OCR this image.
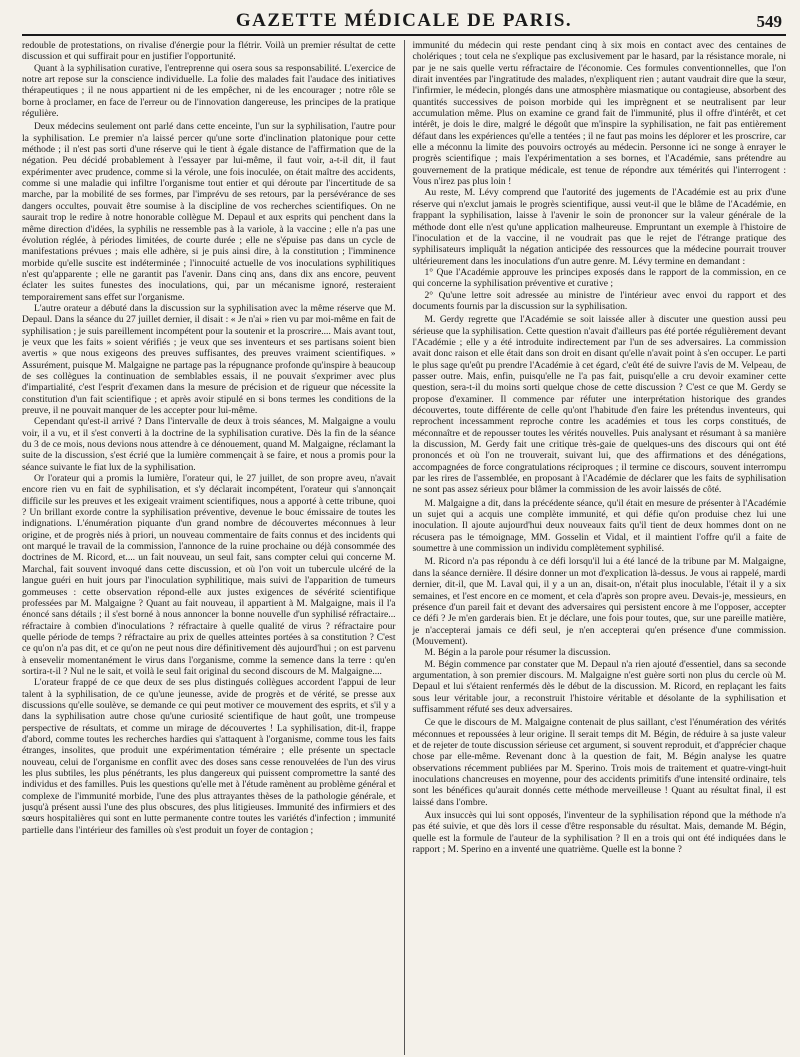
GAZETTE MÉDICALE DE PARIS.	549

redouble de protestations, on rivalise d'énergie pour la flétrir. Voilà un premier résultat de cette discussion et qui suffirait pour en justifier l'opportunité.

Quant à la syphilisation curative, l'entreprenne qui osera sous sa responsabilité. L'exercice de notre art repose sur la conscience individuelle. La folie des malades fait l'audace des initiatives thérapeutiques ; il ne nous appartient ni de les empêcher, ni de les encourager ; notre rôle se borne à proclamer, en face de l'erreur ou de l'innovation dangereuse, les principes de la pratique régulière.

Deux médecins seulement ont parlé dans cette enceinte, l'un sur la syphilisation, l'autre pour la syphilisation. Le premier n'a laissé percer qu'une sorte d'inclination platonique pour cette méthode ; il n'est pas sorti d'une réserve qui le tient à égale distance de l'affirmation que de la négation. Peu décidé probablement à l'essayer par lui-même, il faut voir, a-t-il dit, il faut expérimenter avec prudence, comme si la vérole, une fois inoculée, on était maître des accidents, comme si une maladie qui infiltre l'organisme tout entier et qui déroute par l'incertitude de sa marche, par la mobilité de ses formes, par l'imprévu de ses retours, par la persévérance de ses dangers occultes, pouvait être soumise à la discipline de vos recherches scientifiques. On ne saurait trop le redire à notre honorable collègue M. Depaul et aux esprits qui penchent dans la même direction d'idées, la syphilis ne ressemble pas à la variole, à la vaccine ; elle n'a pas une évolution réglée, à périodes limitées, de courte durée ; elle ne s'épuise pas dans un cycle de manifestations prévues ; mais elle adhère, si je puis ainsi dire, à la constitution ; l'imminence morbide qu'elle suscite est indéterminée ; l'innocuité actuelle de vos inoculations syphilitiques n'est qu'apparente ; elle ne garantit pas l'avenir. Dans cinq ans, dans dix ans encore, peuvent éclater les suites funestes des inoculations, qui, par un mécanisme ignoré, resteraient temporairement sans effet sur l'organisme.

L'autre orateur a débuté dans la discussion sur la syphilisation avec la même réserve que M. Depaul. Dans la séance du 27 juillet dernier, il disait : « Je n'ai » rien vu par moi-même en fait de syphilisation ; je suis pareillement incompétent pour la soutenir et la proscrire.... Mais avant tout, je veux que les faits » soient vérifiés ; je veux que ses inventeurs et ses partisans soient bien avertis » que nous exigeons des preuves suffisantes, des preuves vraiment scientifiques. » Assurément, puisque M. Malgaigne ne partage pas la répugnance profonde qu'inspire à beaucoup de ses collègues la continuation de semblables essais, il ne pouvait s'exprimer avec plus d'impartialité, c'est l'esprit d'examen dans la mesure de précision et de rigueur que nécessite la constitution d'un fait scientifique ; et après avoir stipulé en si bons termes les conditions de la preuve, il ne pouvait manquer de les accepter pour lui-même.

Cependant qu'est-il arrivé ? Dans l'intervalle de deux à trois séances, M. Malgaigne a voulu voir, il a vu, et il s'est converti à la doctrine de la syphilisation curative. Dès la fin de la séance du 3 de ce mois, nous devions nous attendre à ce dénouement, quand M. Malgaigne, réclamant la suite de la discussion, s'est écrié que la lumière commençait à se faire, et nous a promis pour la séance suivante le fiat lux de la syphilisation.

Or l'orateur qui a promis la lumière, l'orateur qui, le 27 juillet, de son propre aveu, n'avait encore rien vu en fait de syphilisation, et s'y déclarait incompétent, l'orateur qui s'annonçait difficile sur les preuves et les exigeait vraiment scientifiques, nous a apporté à cette tribune, quoi ? Un brillant exorde contre la syphilisation préventive, devenue le bouc émissaire de toutes les indignations. L'énumération piquante d'un grand nombre de découvertes méconnues à leur origine, et de progrès niés à priori, un nouveau commentaire de faits connus et des incidents qui ont marqué le travail de la commission, l'annonce de la ruine prochaine ou déjà consommée des doctrines de M. Ricord, et.... un fait nouveau, un seul fait, sans compter celui qui concerne M. Marchal, fait souvent invoqué dans cette discussion, et où l'on voit un tubercule ulcéré de la langue guéri en huit jours par l'inoculation syphilitique, mais suivi de l'apparition de tumeurs gommeuses : cette observation répond-elle aux justes exigences de sévérité scientifique professées par M. Malgaigne ? Quant au fait nouveau, il appartient à M. Malgaigne, mais il l'a énoncé sans détails ; il s'est borné à nous annoncer la bonne nouvelle d'un syphilisé réfractaire... réfractaire à combien d'inoculations ? réfractaire à quelle qualité de virus ? réfractaire pour quelle période de temps ? réfractaire au prix de quelles atteintes portées à sa constitution ? C'est ce qu'on n'a pas dit, et ce qu'on ne peut nous dire définitivement dès aujourd'hui ; on est parvenu à ensevelir momentanément le virus dans l'organisme, comme la semence dans la terre : qu'en sortira-t-il ? Nul ne le sait, et voilà le seul fait original du second discours de M. Malgaigne....

L'orateur frappé de ce que deux de ses plus distingués collègues accordent l'appui de leur talent à la syphilisation, de ce qu'une jeunesse, avide de progrès et de vérité, se presse aux discussions qu'elle soulève, se demande ce qui peut motiver ce mouvement des esprits, et s'il y a dans la syphilisation autre chose qu'une curiosité scientifique de haut goût, une trompeuse perspective de résultats, et comme un mirage de découvertes ! La syphilisation, dit-il, frappe d'abord, comme toutes les recherches hardies qui s'attaquent à l'organisme, comme tous les faits étranges, insolites, que produit une expérimentation téméraire ; elle présente un spectacle nouveau, celui de l'organisme en conflit avec des doses sans cesse renouvelées de l'un des virus les plus subtiles, les plus pénétrants, les plus dangereux qui puissent compromettre la santé des individus et des familles. Puis les questions qu'elle met à l'étude ramènent au problème général et complexe de l'immunité morbide, l'une des plus attrayantes thèses de la pathologie générale, et jusqu'à présent aussi l'une des plus obscures, des plus litigieuses. Immunité des infirmiers et des sœurs hospitalières qui sont en lutte permanente contre toutes les variétés d'infection ; immunité partielle dans l'intérieur des familles où s'est produit un foyer de contagion ;

immunité du médecin qui reste pendant cinq à six mois en contact avec des centaines de cholériques ; tout cela ne s'explique pas exclusivement par le hasard, par la résistance morale, ni par je ne sais quelle vertu réfractaire de l'économie. Ces formules conventionnelles, que l'on dirait inventées par l'ingratitude des malades, n'expliquent rien ; autant vaudrait dire que la sœur, l'infirmier, le médecin, plongés dans une atmosphère miasmatique ou contagieuse, absorbent des quantités successives de poison morbide qui les imprègnent et se neutralisent par leur accumulation même. Plus on examine ce grand fait de l'immunité, plus il offre d'intérêt, et cet intérêt, je dois le dire, malgré le dégoût que m'inspire la syphilisation, ne fait pas entièrement défaut dans les expériences qu'elle a tentées ; il ne faut pas moins les déplorer et les proscrire, car elle a méconnu la limite des pouvoirs octroyés au médecin. Personne ici ne songe à enrayer le progrès scientifique ; mais l'expérimentation a ses bornes, et l'Académie, sans prétendre au gouvernement de la pratique médicale, est tenue de répondre aux témérités qui l'interrogent : Vous n'irez pas plus loin !

Au reste, M. Lévy comprend que l'autorité des jugements de l'Académie est au prix d'une réserve qui n'exclut jamais le progrès scientifique, aussi veut-il que le blâme de l'Académie, en frappant la syphilisation, laisse à l'avenir le soin de prononcer sur la valeur générale de la méthode dont elle n'est qu'une application malheureuse. Empruntant un exemple à l'histoire de l'inoculation et de la vaccine, il ne voudrait pas que le rejet de l'étrange pratique des syphilisateurs impliquât la négation anticipée des ressources que la médecine pourrait trouver ultérieurement dans les inoculations d'un autre genre. M. Lévy termine en demandant :

1° Que l'Académie approuve les principes exposés dans le rapport de la commission, en ce qui concerne la syphilisation préventive et curative ;

2° Qu'une lettre soit adressée au ministre de l'intérieur avec envoi du rapport et des documents fournis par la discussion sur la syphilisation.

M. Gerdy regrette que l'Académie se soit laissée aller à discuter une question aussi peu sérieuse que la syphilisation. Cette question n'avait d'ailleurs pas été portée régulièrement devant l'Académie ; elle y a été introduite indirectement par l'un de ses adversaires. La commission avait donc raison et elle était dans son droit en disant qu'elle n'avait point à s'en occuper. Le parti le plus sage qu'eût pu prendre l'Académie à cet égard, c'eût été de suivre l'avis de M. Velpeau, de passer outre. Mais, enfin, puisqu'elle ne l'a pas fait, puisqu'elle a cru devoir examiner cette question, sera-t-il du moins sorti quelque chose de cette discussion ? C'est ce que M. Gerdy se propose d'examiner. Il commence par réfuter une interprétation historique des grandes découvertes, toute différente de celle qu'ont l'habitude d'en faire les prétendus inventeurs, qui reprochent incessamment reproche contre les académies et tous les corps constitués, de méconnaître et de repousser toutes les vérités nouvelles. Puis analysant et résumant à sa manière la discussion, M. Gerdy fait une critique très-gaie de quelques-uns des discours qui ont été prononcés et où l'on ne trouverait, suivant lui, que des affirmations et des dénégations, accompagnées de force congratulations réciproques ; il termine ce discours, souvent interrompu par les rires de l'assemblée, en proposant à l'Académie de déclarer que les faits de syphilisation ne sont pas assez sérieux pour blâmer la commission de les avoir laissés de côté.

M. Malgaigne a dit, dans la précédente séance, qu'il était en mesure de présenter à l'Académie un sujet qui a acquis une complète immunité, et qui défie qu'on produise chez lui une inoculation. Il ajoute aujourd'hui deux nouveaux faits qu'il tient de deux hommes dont on ne récusera pas le témoignage, MM. Gosselin et Vidal, et il maintient l'offre qu'il a faite de soumettre à une commission un individu complètement syphilisé.

M. Ricord n'a pas répondu à ce défi lorsqu'il lui a été lancé de la tribune par M. Malgaigne, dans la séance dernière. Il désire donner un mot d'explication là-dessus. Je vous ai rappelé, mardi dernier, dit-il, que M. Laval qui, il y a un an, disait-on, n'était plus inoculable, l'était il y a six semaines, et l'est encore en ce moment, et cela d'après son propre aveu. Devais-je, messieurs, en présence d'un pareil fait et devant des adversaires qui persistent encore à me l'opposer, accepter ce défi ? Je m'en garderais bien. Et je déclare, une fois pour toutes, que, sur une pareille matière, je n'accepterai jamais ce défi seul, je n'en accepterai qu'en présence d'une commission. (Mouvement).

M. Bégin a la parole pour résumer la discussion.

M. Bégin commence par constater que M. Depaul n'a rien ajouté d'essentiel, dans sa seconde argumentation, à son premier discours. M. Malgaigne n'est guère sorti non plus du cercle où M. Depaul et lui s'étaient renfermés dès le début de la discussion. M. Ricord, en replaçant les faits sous leur véritable jour, a reconstruit l'histoire véritable et désolante de la syphilisation et suffisamment réfuté ses deux adversaires.

Ce que le discours de M. Malgaigne contenait de plus saillant, c'est l'énumération des vérités méconnues et repoussées à leur origine. Il serait temps dit M. Bégin, de réduire à sa juste valeur et de rejeter de toute discussion sérieuse cet argument, si souvent reproduit, et d'apprécier chaque chose par elle-même. Revenant donc à la question de fait, M. Bégin analyse les quatre observations récemment publiées par M. Sperino. Trois mois de traitement et quatre-vingt-huit inoculations chancreuses en moyenne, pour des accidents primitifs d'une intensité ordinaire, tels sont les bénéfices qu'aurait donnés cette méthode merveilleuse ! Quant au résultat final, il est laissé dans l'ombre.

Aux insuccès qui lui sont opposés, l'inventeur de la syphilisation répond que la méthode n'a pas été suivie, et que dès lors il cesse d'être responsable du résultat. Mais, demande M. Bégin, quelle est la formule de l'auteur de la syphilisation ? Il en a trois qui ont été indiquées dans le rapport ; M. Sperino en a inventé une quatrième. Quelle est la bonne ?
